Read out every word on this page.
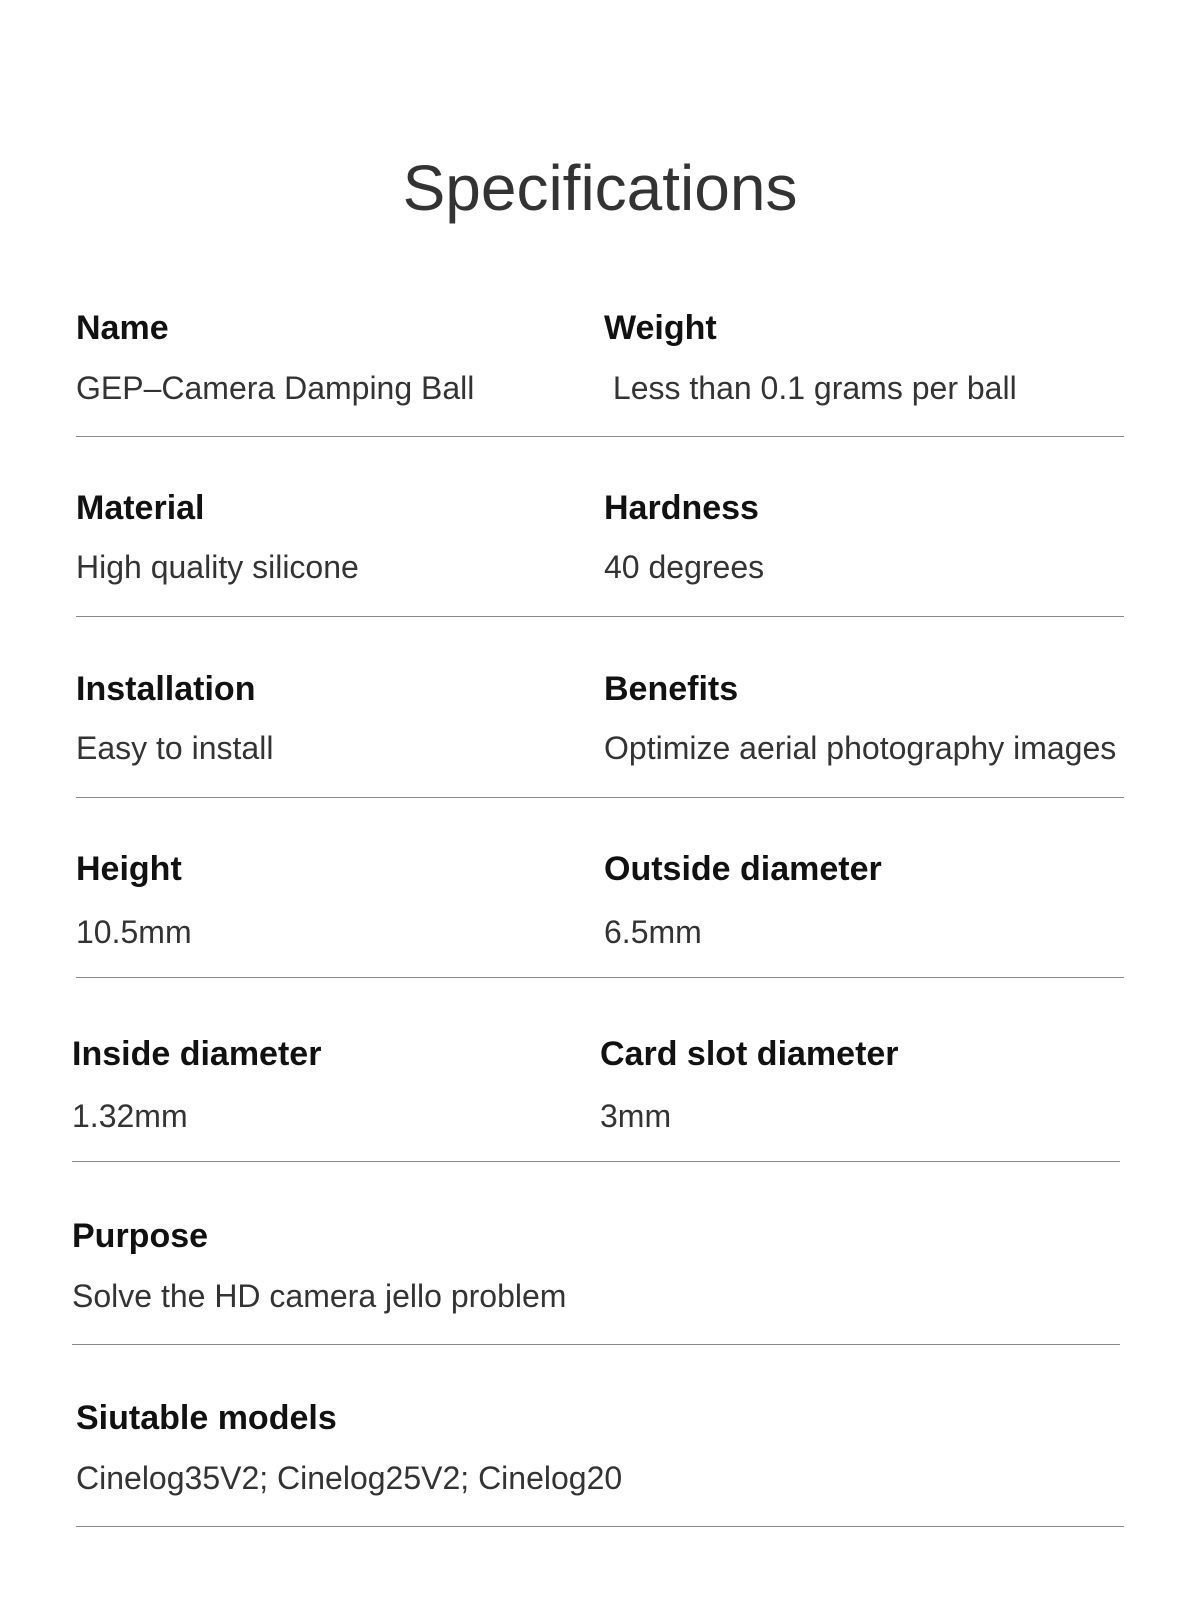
Specifications
Name
GEP–Camera Damping Ball
Weight
Less than 0.1 grams per ball
Material
High quality silicone
Hardness
40 degrees
Installation
Easy to install
Benefits
Optimize aerial photography images
Height
10.5mm
Outside diameter
6.5mm
Inside diameter
1.32mm
Card slot diameter
3mm
Purpose
Solve the HD camera jello problem
Siutable models
Cinelog35V2; Cinelog25V2; Cinelog20
